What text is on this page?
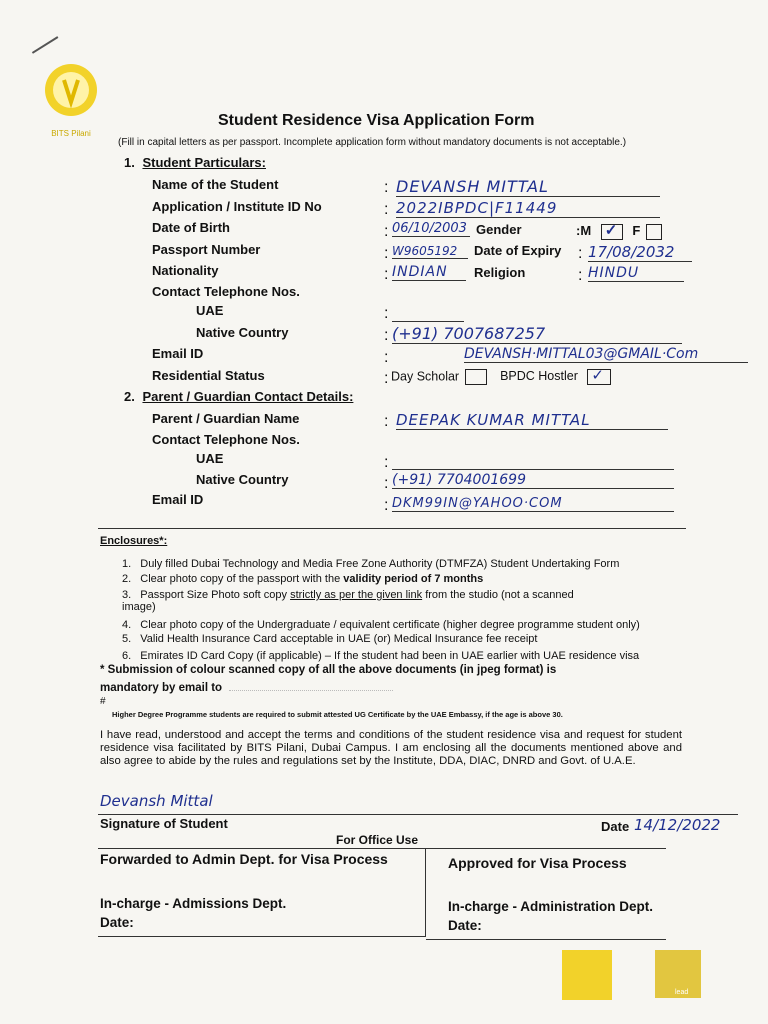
BITS Pilani
Student Residence Visa Application Form
(Fill in capital letters as per passport. Incomplete application form without mandatory documents is not acceptable.)
1. Student Particulars:
Name of the Student	: DEVANSH MITTAL
Application / Institute ID No	: 2022IBPDC|F11449
Date of Birth	: 06/10/2003 Gender	:M ✓ F
Passport Number	: W9605192	Date of Expiry : 17/08/2032
Nationality	: INDIAN	Religion	: HINDU
Contact Telephone Nos.
UAE	:
Native Country	: (+91) 7007687257
Email ID	:	DEVANSH·MITTAL03@GMAIL·Com
Residential Status	: Day Scholar	BPDC Hostler ✓
2. Parent / Guardian Contact Details:
Parent / Guardian Name	: DEEPAK KUMAR MITTAL
Contact Telephone Nos.
UAE	:
Native Country	: (+91) 7704001699
Email ID	: DKM99IN@YAHOO·COM
Enclosures*:
1. Duly filled Dubai Technology and Media Free Zone Authority (DTMFZA) Student Undertaking Form
2. Clear photo copy of the passport with the validity period of 7 months
3. Passport Size Photo soft copy strictly as per the given link from the studio (not a scanned image)
4. Clear photo copy of the Undergraduate / equivalent certificate (higher degree programme student only)
5. Valid Health Insurance Card acceptable in UAE (or) Medical Insurance fee receipt
6. Emirates ID Card Copy (if applicable) – If the student had been in UAE earlier with UAE residence visa
* Submission of colour scanned copy of all the above documents (in jpeg format) is
mandatory by email to
#
Higher Degree Programme students are required to submit attested UG Certificate by the UAE Embassy, if the age is above 30.
I have read, understood and accept the terms and conditions of the student residence visa and request for student residence visa facilitated by BITS Pilani, Dubai Campus. I am enclosing all the documents mentioned above and also agree to abide by the rules and regulations set by the Institute, DDA, DIAC, DNRD and Govt. of U.A.E.
Devansh Mittal
Signature of Student	Date 14/12/2022
For Office Use
Forwarded to Admin Dept. for Visa Process	Approved for Visa Process
In-charge - Admissions Dept.	In-charge - Administration Dept.
Date:	Date:
lead
